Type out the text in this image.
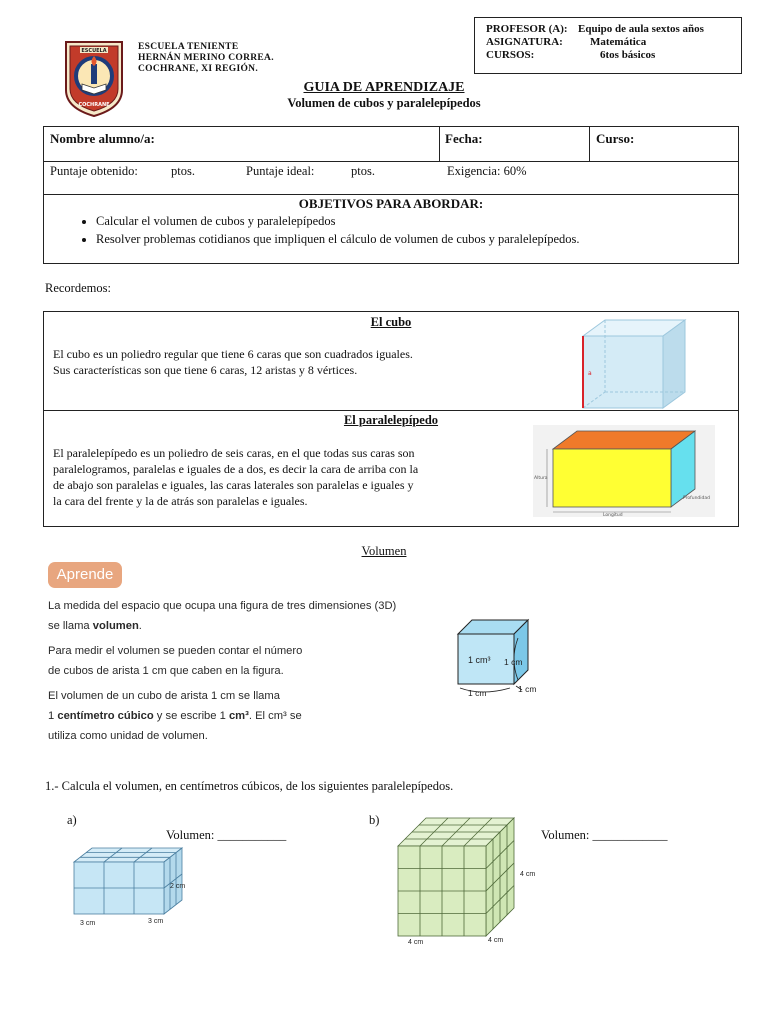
ESCUELA
COCHRANE
ESCUELA TENIENTE
HERNÁN MERINO CORREA.
COCHRANE, XI REGIÓN.
PROFESOR (A): Equipo de aula sextos años
ASIGNATURA:	Matemática
CURSOS:	6tos básicos
GUIA DE APRENDIZAJE
Volumen de cubos y paralelepípedos
Nombre alumno/a:	Fecha:	Curso:
Puntaje obtenido:	ptos.	Puntaje ideal:	ptos.	Exigencia: 60%
OBJETIVOS PARA ABORDAR:
• Calcular el volumen de cubos y paralelepípedos
• Resolver problemas cotidianos que impliquen el cálculo de volumen de cubos y paralelepípedos.
Recordemos:
El cubo
El cubo es un poliedro regular que tiene 6 caras que son cuadrados iguales.
Sus características son que tiene 6 caras, 12 aristas y 8 vértices.	a
El paralelepípedo
El paralelepípedo es un poliedro de seis caras, en el que todas sus caras son
paralelogramos, paralelas e iguales de a dos, es decir la cara de arriba con la
de abajo son paralelas e iguales, las caras laterales son paralelas e iguales y
la cara del frente y la de atrás son paralelas e iguales.
Altura
Longitud
Profundidad
Volumen
Aprende
La medida del espacio que ocupa una figura de tres dimensiones (3D)
se llama volumen.
Para medir el volumen se pueden contar el número
de cubos de arista 1 cm que caben en la figura.
El volumen de un cubo de arista 1 cm se llama
1 centímetro cúbico y se escribe 1 cm³. El cm³ se
utiliza como unidad de volumen.
1 cm³ 1 cm
1 cm	1 cm
1.- Calcula el volumen, en centímetros cúbicos, de los siguientes paralelepípedos.
a)
Volumen: ___________
2 cm
3 cm	3 cm
b)
Volumen: ____________
4 cm
4 cm	4 cm
